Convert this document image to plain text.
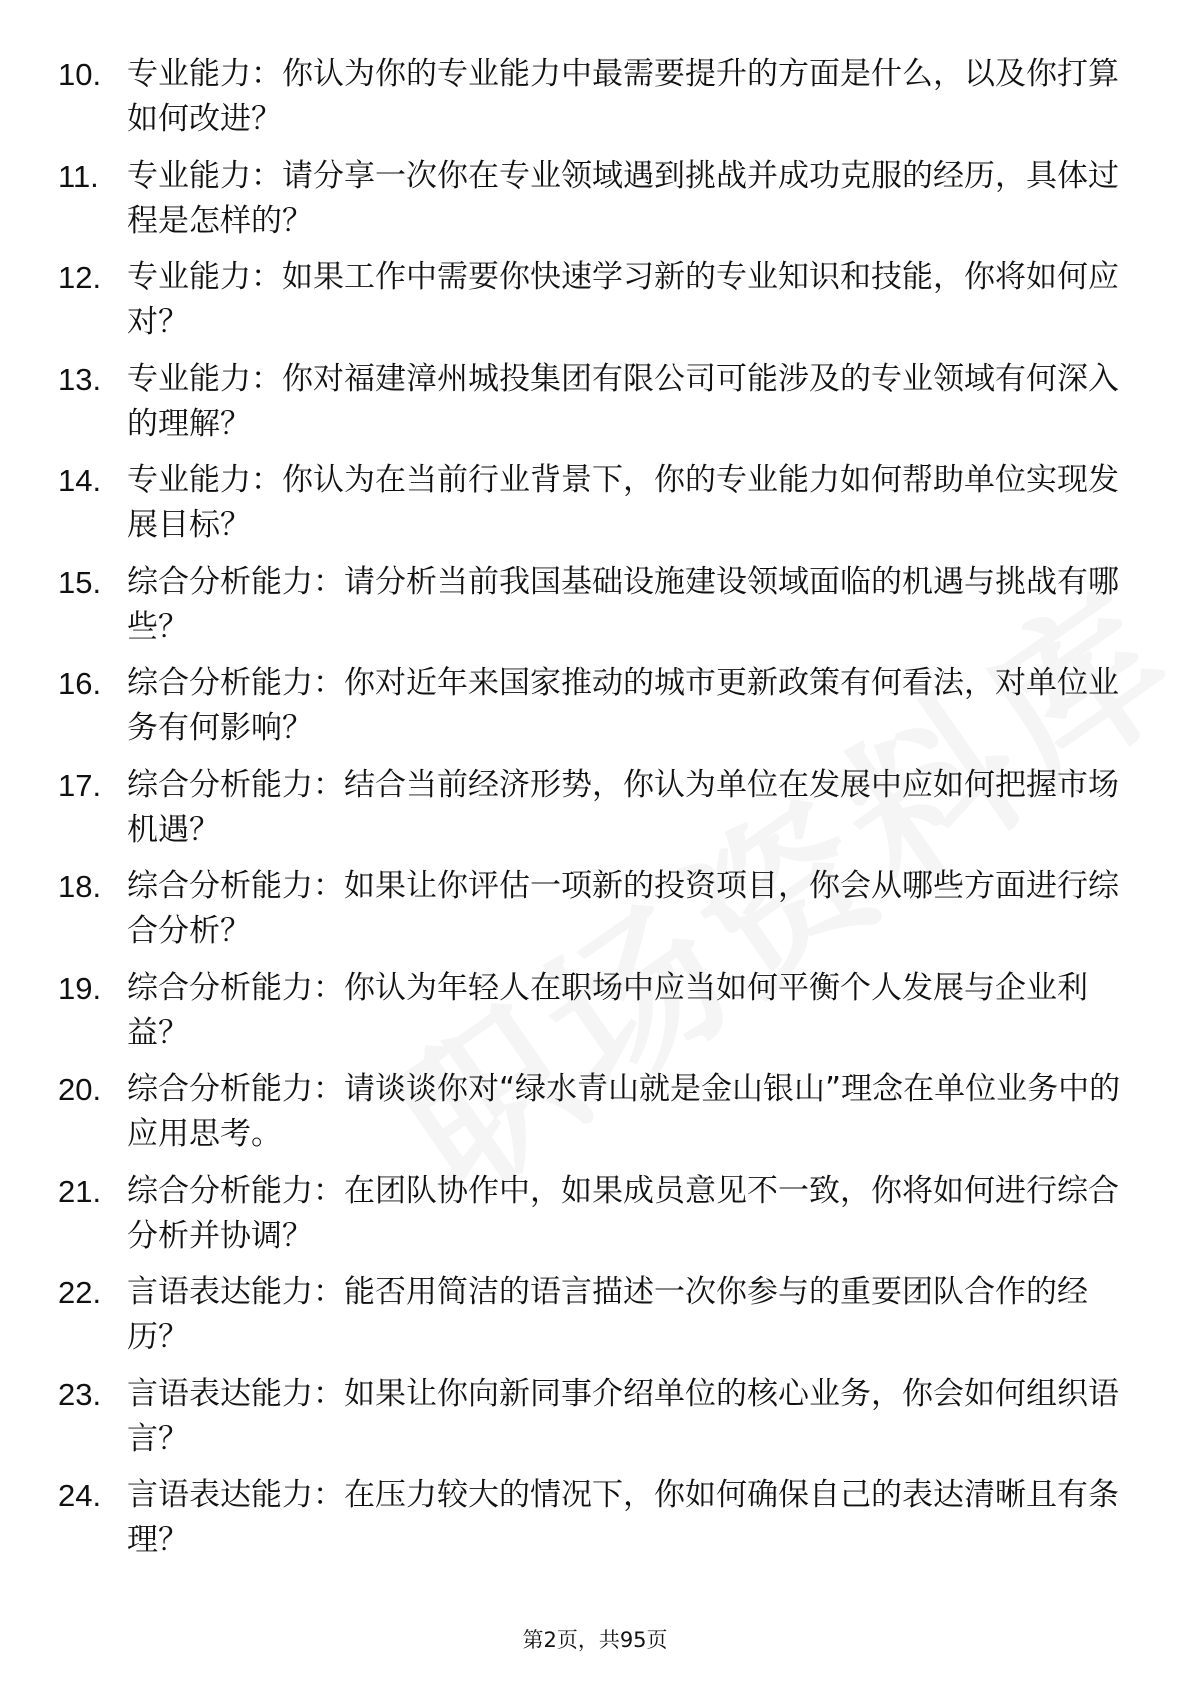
10. 专业能力：你认为你的专业能力中最需要提升的方面是什么，以及你打算如何改进？
11. 专业能力：请分享一次你在专业领域遇到挑战并成功克服的经历，具体过程是怎样的？
12. 专业能力：如果工作中需要你快速学习新的专业知识和技能，你将如何应对？
13. 专业能力：你对福建漳州城投集团有限公司可能涉及的专业领域有何深入的理解？
14. 专业能力：你认为在当前行业背景下，你的专业能力如何帮助单位实现发展目标？
15. 综合分析能力：请分析当前我国基础设施建设领域面临的机遇与挑战有哪些？
16. 综合分析能力：你对近年来国家推动的城市更新政策有何看法，对单位业务有何影响？
17. 综合分析能力：结合当前经济形势，你认为单位在发展中应如何把握市场机遇？
18. 综合分析能力：如果让你评估一项新的投资项目，你会从哪些方面进行综合分析？
19. 综合分析能力：你认为年轻人在职场中应当如何平衡个人发展与企业利益？
20. 综合分析能力：请谈谈你对“绿水青山就是金山银山”理念在单位业务中的应用思考。
21. 综合分析能力：在团队协作中，如果成员意见不一致，你将如何进行综合分析并协调？
22. 言语表达能力：能否用简洁的语言描述一次你参与的重要团队合作的经历？
23. 言语表达能力：如果让你向新同事介绍单位的核心业务，你会如何组织语言？
24. 言语表达能力：在压力较大的情况下，你如何确保自己的表达清晰且有条理？
第2页，共95页
